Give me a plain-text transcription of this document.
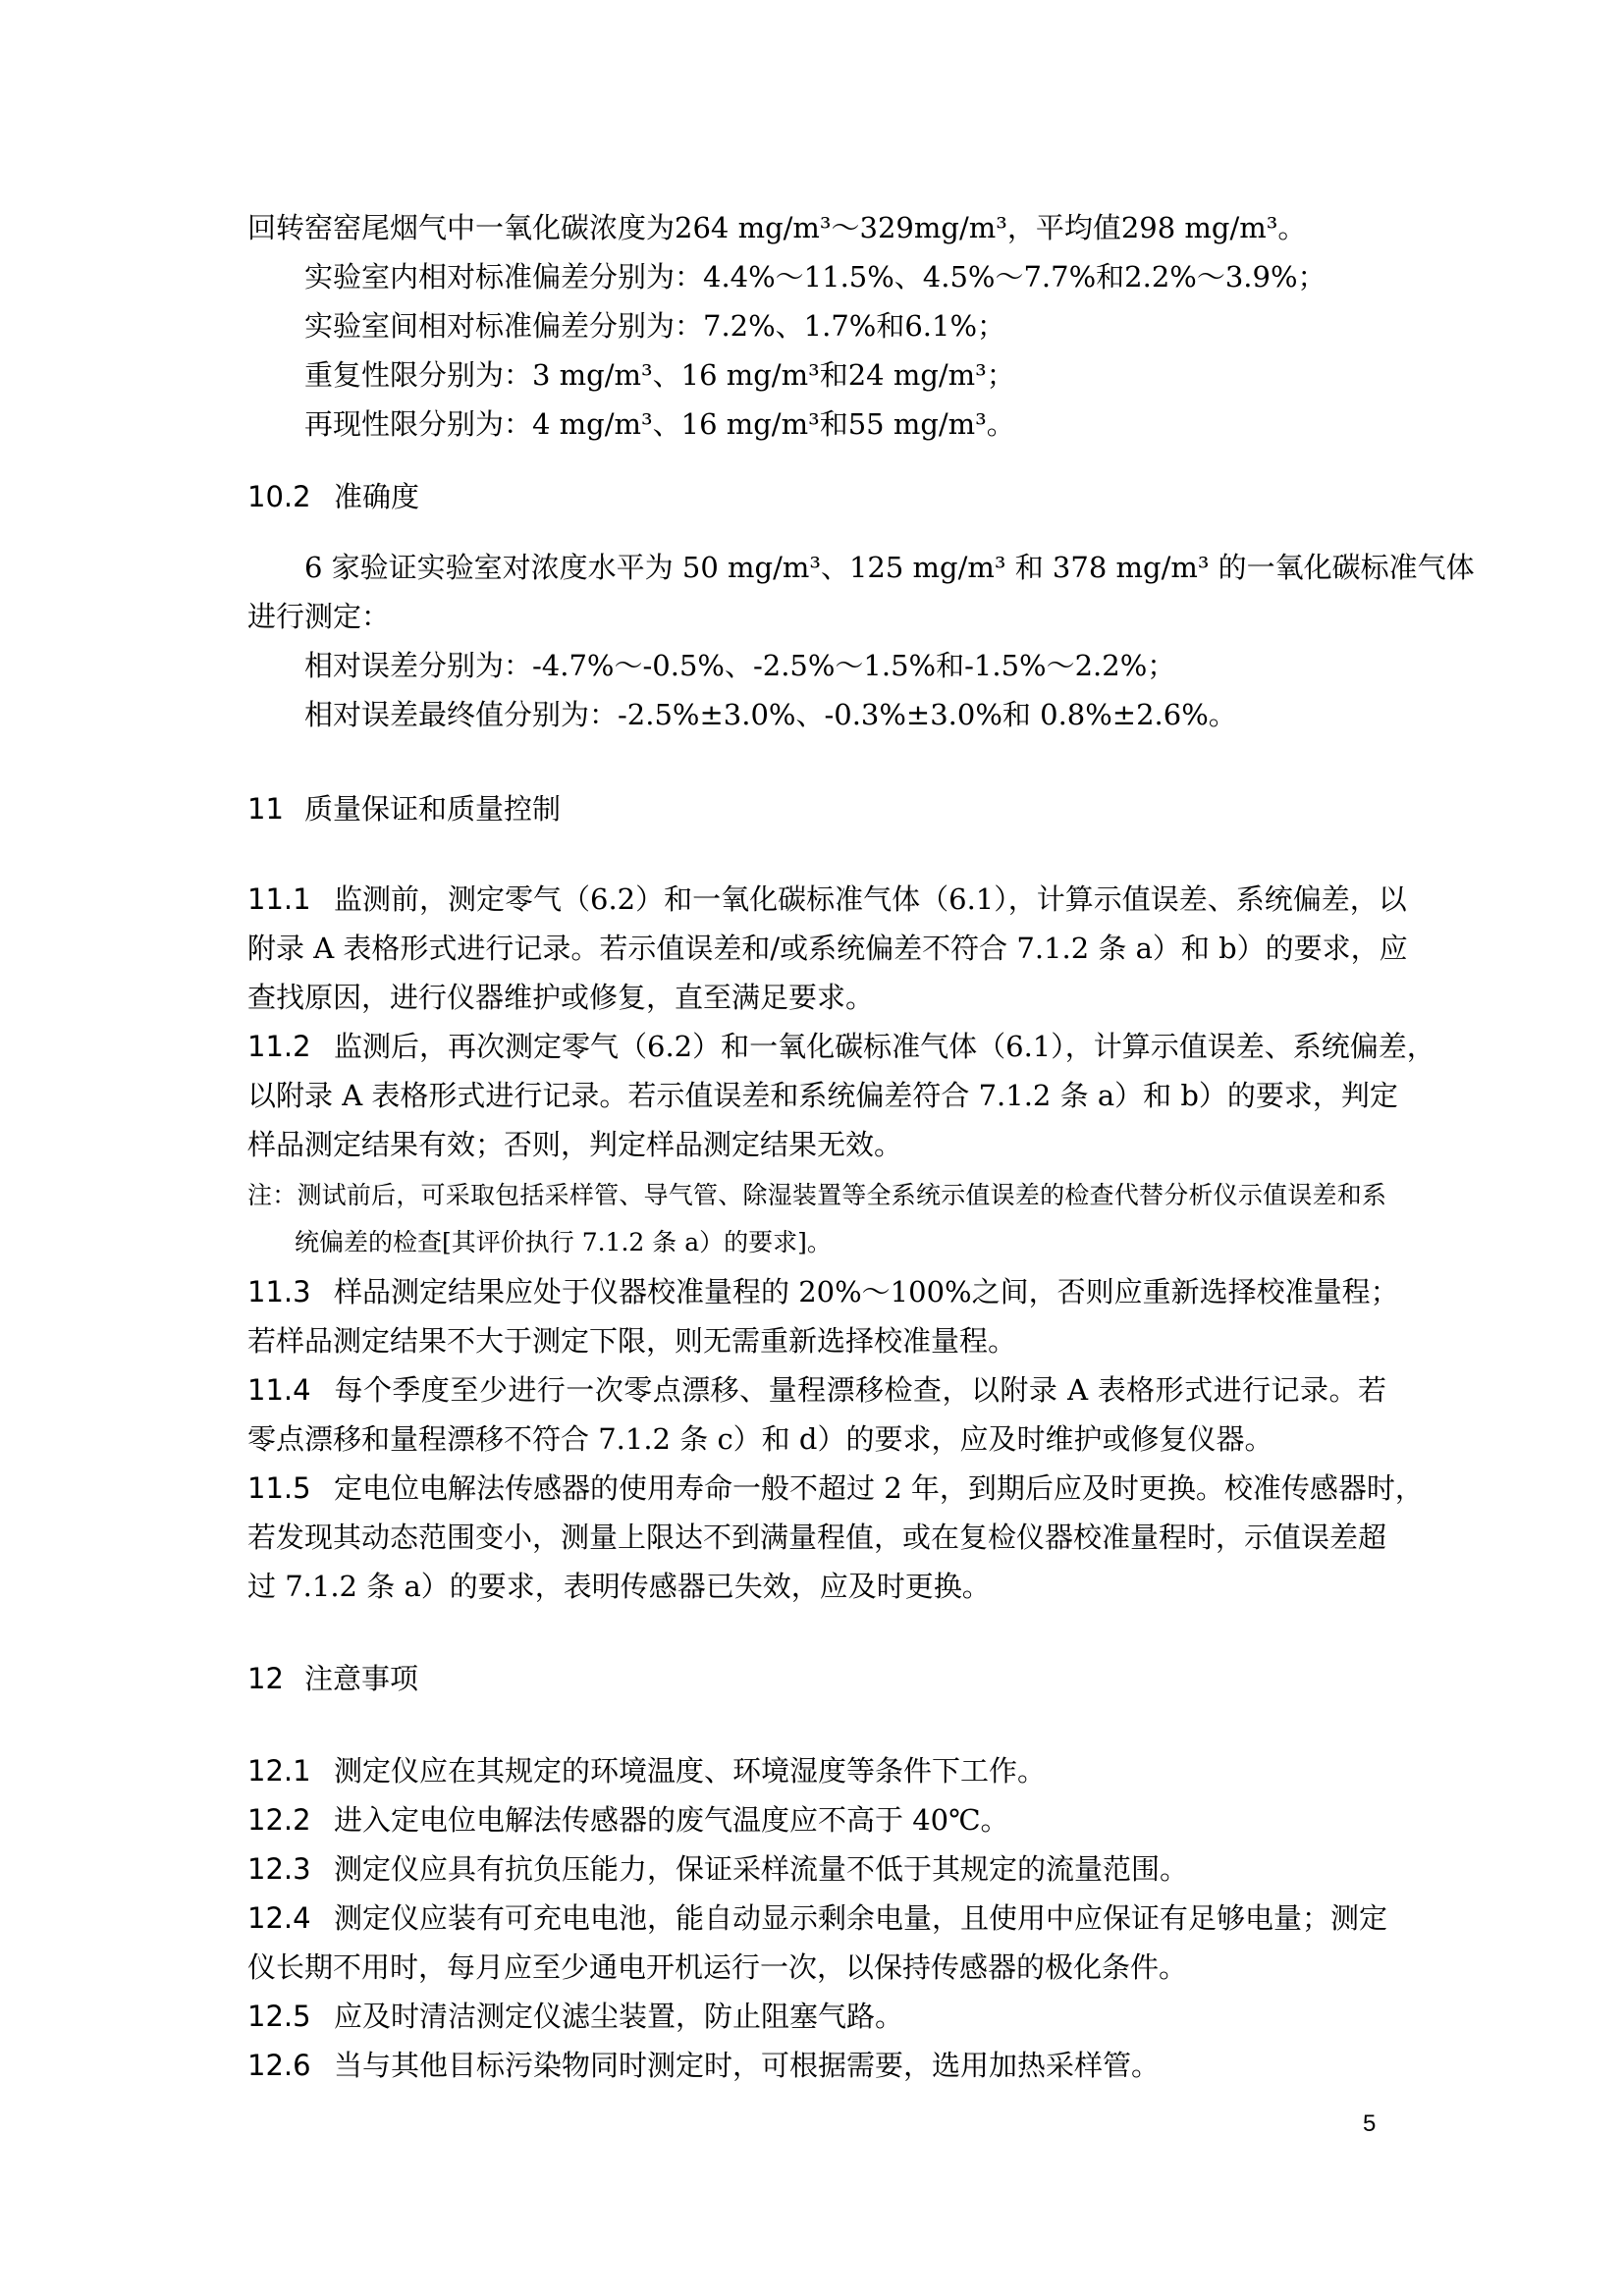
回转窑窑尾烟气中一氧化碳浓度为264 mg/m³～329mg/m³，平均值298 mg/m³。
实验室内相对标准偏差分别为：4.4%～11.5%、4.5%～7.7%和2.2%～3.9%；
实验室间相对标准偏差分别为：7.2%、1.7%和6.1%；
重复性限分别为：3 mg/m³、16 mg/m³和24 mg/m³；
再现性限分别为：4 mg/m³、16 mg/m³和55 mg/m³。
10.2 准确度
6 家验证实验室对浓度水平为 50 mg/m³、125 mg/m³ 和 378 mg/m³ 的一氧化碳标准气体
进行测定：
相对误差分别为：-4.7%～-0.5%、-2.5%～1.5%和-1.5%～2.2%；
相对误差最终值分别为：-2.5%±3.0%、-0.3%±3.0%和 0.8%±2.6%。
11 质量保证和质量控制
11.1 监测前，测定零气（6.2）和一氧化碳标准气体（6.1），计算示值误差、系统偏差，以
附录 A 表格形式进行记录。若示值误差和/或系统偏差不符合 7.1.2 条 a）和 b）的要求，应
查找原因，进行仪器维护或修复，直至满足要求。
11.2 监测后，再次测定零气（6.2）和一氧化碳标准气体（6.1），计算示值误差、系统偏差，
以附录 A 表格形式进行记录。若示值误差和系统偏差符合 7.1.2 条 a）和 b）的要求，判定
样品测定结果有效；否则，判定样品测定结果无效。
注：测试前后，可采取包括采样管、导气管、除湿装置等全系统示值误差的检查代替分析仪示值误差和系
统偏差的检查[其评价执行 7.1.2 条 a）的要求]。
11.3 样品测定结果应处于仪器校准量程的 20%～100%之间，否则应重新选择校准量程；
若样品测定结果不大于测定下限，则无需重新选择校准量程。
11.4 每个季度至少进行一次零点漂移、量程漂移检查，以附录 A 表格形式进行记录。若
零点漂移和量程漂移不符合 7.1.2 条 c）和 d）的要求，应及时维护或修复仪器。
11.5 定电位电解法传感器的使用寿命一般不超过 2 年，到期后应及时更换。校准传感器时，
若发现其动态范围变小，测量上限达不到满量程值，或在复检仪器校准量程时，示值误差超
过 7.1.2 条 a）的要求，表明传感器已失效，应及时更换。
12 注意事项
12.1 测定仪应在其规定的环境温度、环境湿度等条件下工作。
12.2 进入定电位电解法传感器的废气温度应不高于 40℃。
12.3 测定仪应具有抗负压能力，保证采样流量不低于其规定的流量范围。
12.4 测定仪应装有可充电电池，能自动显示剩余电量，且使用中应保证有足够电量；测定
仪长期不用时，每月应至少通电开机运行一次，以保持传感器的极化条件。
12.5 应及时清洁测定仪滤尘装置，防止阻塞气路。
12.6 当与其他目标污染物同时测定时，可根据需要，选用加热采样管。
5
